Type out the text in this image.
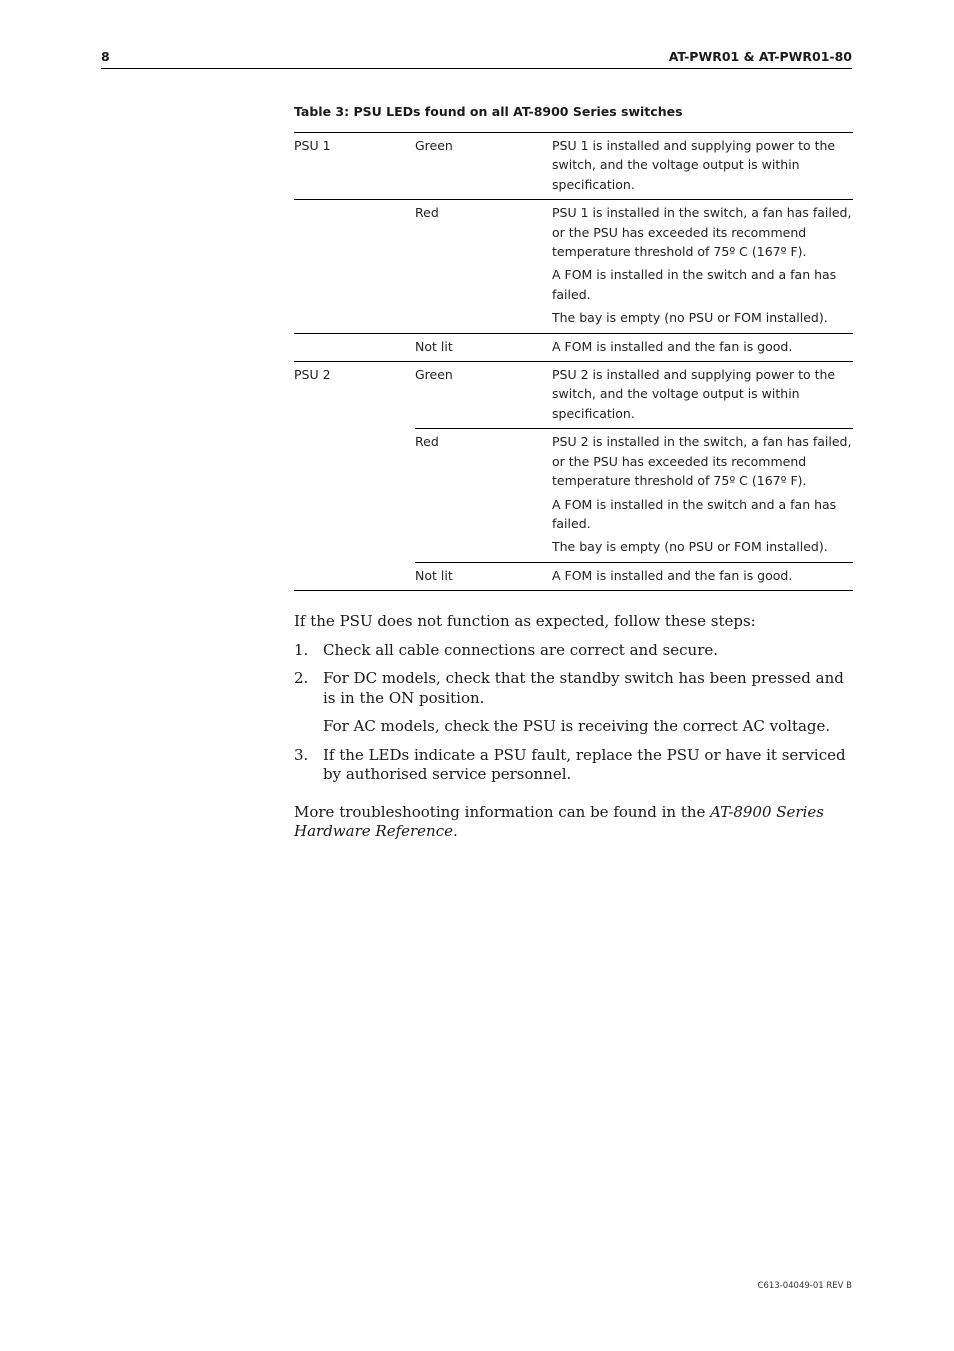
8	AT-PWR01 & AT-PWR01-80
Table 3: PSU LEDs found on all AT-8900 Series switches
PSU 1	Green	PSU 1 is installed and supplying power to the switch, and the voltage output is within specification.

	Red	PSU 1 is installed in the switch, a fan has failed, or the PSU has exceeded its recommend temperature threshold of 75º C (167º F).
A FOM is installed in the switch and a fan has failed.
The bay is empty (no PSU or FOM installed).

	Not lit	A FOM is installed and the fan is good.

PSU 2	Green	PSU 2 is installed and supplying power to the switch, and the voltage output is within specification.

	Red	PSU 2 is installed in the switch, a fan has failed, or the PSU has exceeded its recommend temperature threshold of 75º C (167º F).
A FOM is installed in the switch and a fan has failed.
The bay is empty (no PSU or FOM installed).

	Not lit	A FOM is installed and the fan is good.

If the PSU does not function as expected, follow these steps:

1. Check all cable connections are correct and secure.
2. For DC models, check that the standby switch has been pressed and is in the ON position.
For AC models, check the PSU is receiving the correct AC voltage.
3. If the LEDs indicate a PSU fault, replace the PSU or have it serviced by authorised service personnel.

More troubleshooting information can be found in the AT-8900 Series Hardware Reference.

C613-04049-01 REV B
